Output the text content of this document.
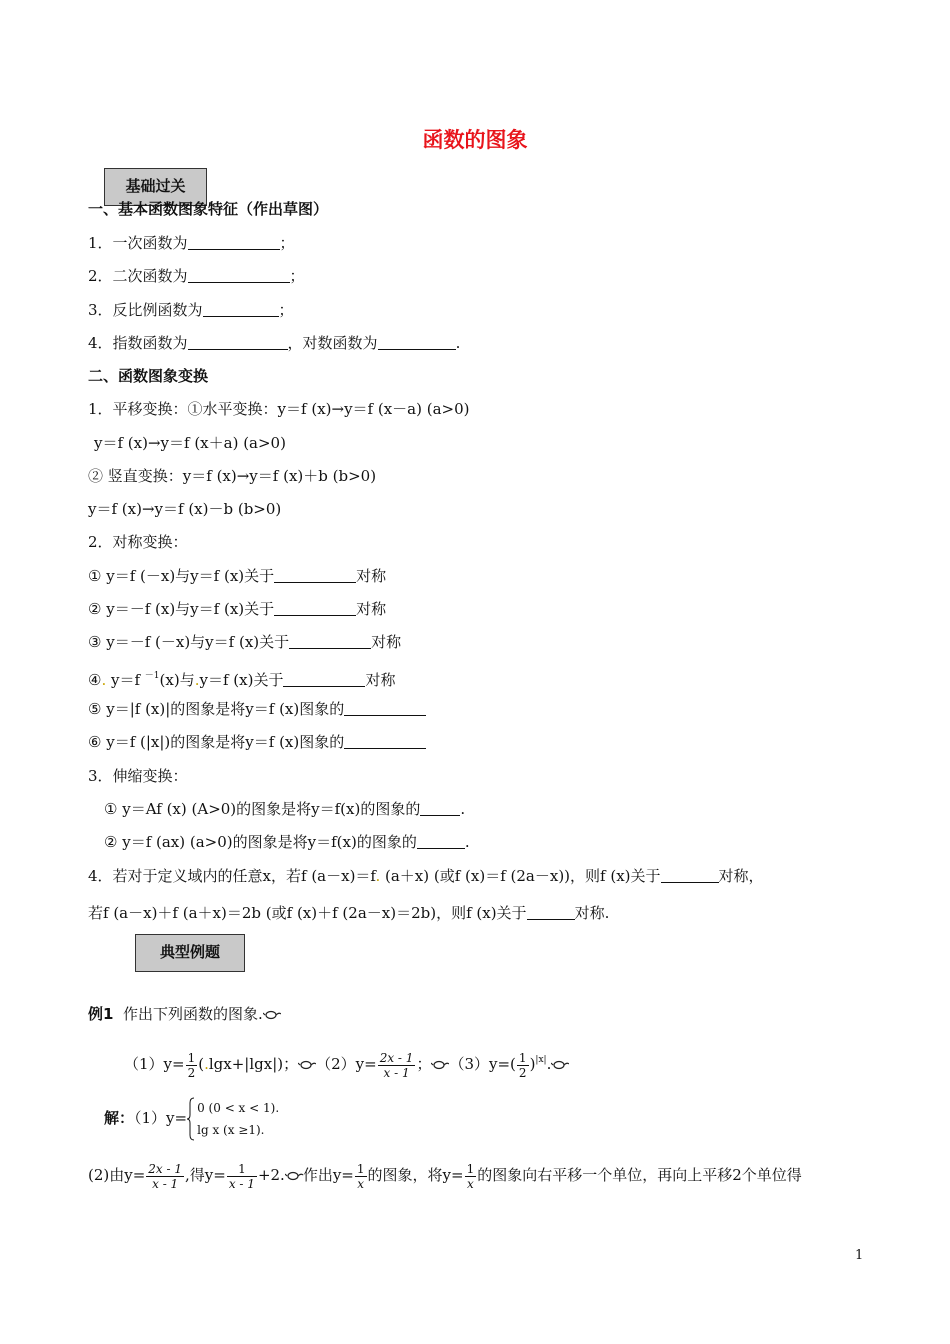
函数的图象
基础过关
一、基本函数图象特征（作出草图）
1．一次函数为	；
2．二次函数为	；
3．反比例函数为	；
4．指数函数为	，对数函数为	.
二、函数图象变换
1．平移变换：①水平变换：y＝f (x)→y＝f (x－a) (a>0)
y＝f (x)→y＝f (x＋a) (a>0)
② 竖直变换：y＝f (x)→y＝f (x)＋b (b>0)
y＝f (x)→y＝f (x)－b (b>0)
2．对称变换：
① y＝f (－x)与y＝f (x)关于	对称
② y＝－f (x)与y＝f (x)关于	对称
③ y＝－f (－x)与y＝f (x)关于	对称
④. y＝f $^{-1}$(x)与.y＝f (x)关于	对称
⑤ y＝|f (x)|的图象是将y＝f (x)图象的
⑥ y＝f (|x|)的图象是将y＝f (x)图象的
3．伸缩变换：
① y＝Af (x) (A>0)的图象是将y＝f(x)的图象的	.
② y＝f (ax) (a>0)的图象是将y＝f(x)的图象的	.
4．若对于定义域内的任意x，若f (a－x)＝f. (a＋x) (或f (x)＝f (2a－x))，则f (x)关于	对称，
若f (a－x)＋f (a＋x)＝2b (或f (x)＋f (2a－x)＝2b)，则f (x)关于	对称.
典型例题
例1 作出下列函数的图象.
$(1)y= \frac{1}{2} (.\lg x+|\lg x|)$； $(2)y= \frac{2x - 1}{x - 1}$ ； $(3)y=( \frac{1}{2} )^{|x|}$.
解：（1）y=
0 (0 < x < 1).
lg x (x ≥1).
(2)由$y= \frac{2x - 1}{x - 1}$ ,得$y= \frac{1}{x - 1} +2$. 作出$y= \frac{1}{x}$ 的图象，将$y= \frac{1}{x}$ 的图象向右平移一个单位，再向上平移2个单位得
1
